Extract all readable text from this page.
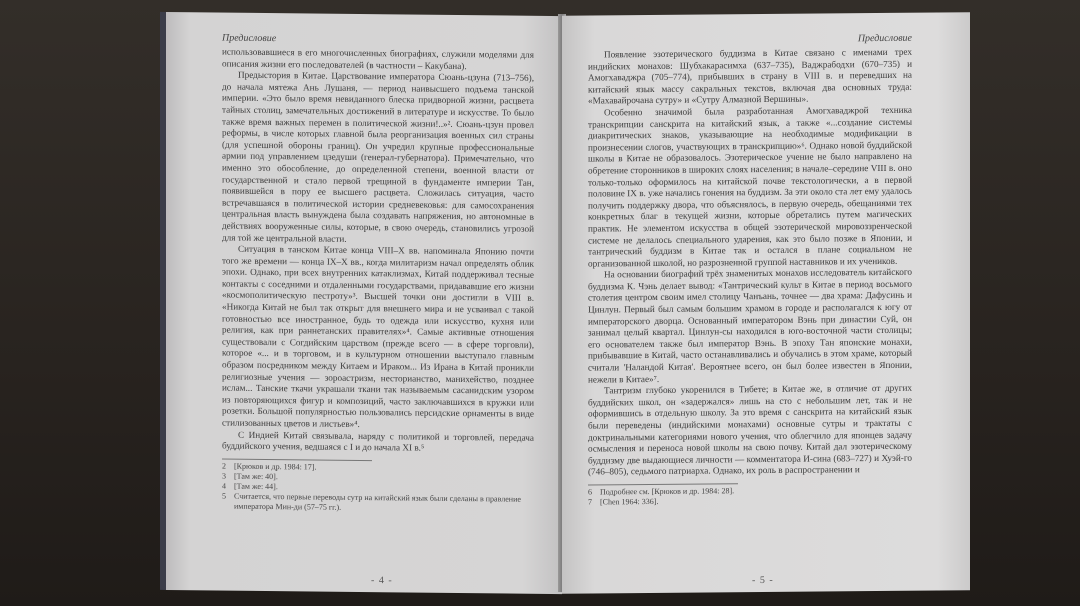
Предисловие

использовавшиеся в его многочисленных биографиях, служили моделями для описания жизни его последователей (в частности – Какубана).

Предыстория в Китае. Царствование императора Сюань-цзуна (713–756), до начала мятежа Ань Лушаня, — период наивысшего подъема танской империи. «Это было время невиданного блеска придворной жизни, расцвета тайных столиц, замечательных достижений в литературе и искусстве. То было также время важных перемен в политической жизни!..»². Сюань-цзун провел реформы, в числе которых главной была реорганизация военных сил страны (для успешной обороны границ). Он учредил крупные профессиональные армии под управлением цзедуши (генерал-губернатора). Примечательно, что именно это обособление, до определенной степени, военной власти от государственной и стало первой трещиной в фундаменте империи Тан, появившейся в пору ее высшего расцвета. Сложилась ситуация, часто встречавшаяся в политической истории средневековья: для самосохранения центральная власть вынуждена была создавать напряжения, но автономные в действиях вооруженные силы, которые, в свою очередь, становились угрозой для той же центральной власти.

Ситуация в танском Китае конца VIII–X вв. напоминала Японию почти того же времени — конца IX–X вв., когда милитаризм начал определять облик эпохи. Однако, при всех внутренних катаклизмах, Китай поддерживал тесные контакты с соседними и отдаленными государствами, придававшие его жизни «космополитическую пестроту»³. Высшей точки они достигли в VIII в. «Никогда Китай не был так открыт для внешнего мира и не усваивал с такой готовностью все иностранное, будь то одежда или искусство, кухня или религия, как при раннетанских правителях»⁴. Самые активные отношения существовали с Согдийским царством (прежде всего — в сфере торговли), которое «... и в торговом, и в культурном отношении выступало главным образом посредником между Китаем и Ираком... Из Ирана в Китай проникли религиозные учения — зороастризм, несторианство, манихейство, позднее ислам... Танские ткачи украшали ткани так называемым сасанидским узором из повторяющихся фигур и композиций, часто заключавшихся в кружки или розетки. Большой популярностью пользовались персидские орнаменты в виде стилизованных цветов и листьев»⁴.

С Индией Китай связывала, наряду с политикой и торговлей, передача буддийского учения, ведшаяся с I и до начала XI в.⁵

2 [Крюков и др. 1984: 17].
3 [Там же: 40].
4 [Там же: 44].
5 Считается, что первые переводы сутр на китайский язык были сделаны в правление императора Мин-ди (57–75 гг.).
- 4 -
Предисловие

Появление эзотерического буддизма в Китае связано с именами трех индийских монахов: Шубхакарасимха (637–735), Ваджрабодхи (670–735) и Амогхаваджра (705–774), прибывших в страну в VIII в. и переведших на китайский язык массу сакральных текстов, включая два основных труда: «Махавайрочана сутру» и «Сутру Алмазной Вершины».

Особенно значимой была разработанная Амогхаваджрой техника транскрипции санскрита на китайский язык, а также «...создание системы диакритических знаков, указывающие на необходимые модификации в произнесении слогов, участвующих в транскрипцию»⁶. Однако новой буддийской школы в Китае не образовалось. Эзотерическое учение не было направлено на обретение сторонников в широких слоях населения; в начале–середине VIII в. оно только-только оформилось на китайской почве текстологически, а в первой половине IX в. уже начались гонения на буддизм. За эти около ста лет ему удалось получить поддержку двора, что объяснялось, в первую очередь, обещаниями тех конкретных благ в текущей жизни, которые обретались путем магических практик. Не элементом искусства в общей эзотерической мировоззренческой системе не делалось специального ударения, как это было позже в Японии, и тантрический буддизм в Китае так и остался в плане социальном не организованной школой, но разрозненной группой наставников и их учеников.

На основании биографий трёх знаменитых монахов исследователь китайского буддизма К. Чэнь делает вывод: «Тантрический культ в Китае в период восьмого столетия центром своим имел столицу Чанъань, точнее — два храма: Дафусинь и Цинлун. Первый был самым большим храмом в городе и располагался к югу от императорского дворца. Основанный императором Вэнь при династии Суй, он занимал целый квартал. Цинлун-сы находился в юго-восточной части столицы; его основателем также был император Вэнь. В эпоху Тан японские монахи, прибывавшие в Китай, часто останавливались и обучались в этом храме, который считали 'Наландой Китая'. Вероятнее всего, он был более известен в Японии, нежели в Китае»⁷.

Тантризм глубоко укоренился в Тибете; в Китае же, в отличие от других буддийских школ, он «задержался» лишь на сто с небольшим лет, так и не оформившись в отдельную школу. За это время с санскрита на китайский язык были переведены (индийскими монахами) основные сутры и трактаты с доктринальными категориями нового учения, что облегчило для японцев задачу осмысления и переноса новой школы на свою почву. Китай дал эзотерическому буддизму две выдающиеся личности — комментатора И-сина (683–727) и Хуэй-го (746–805), седьмого патриарха. Однако, их роль в распространении и

6 Подробнее см. [Крюков и др. 1984: 28].
7 [Chen 1964: 336].
- 5 -
